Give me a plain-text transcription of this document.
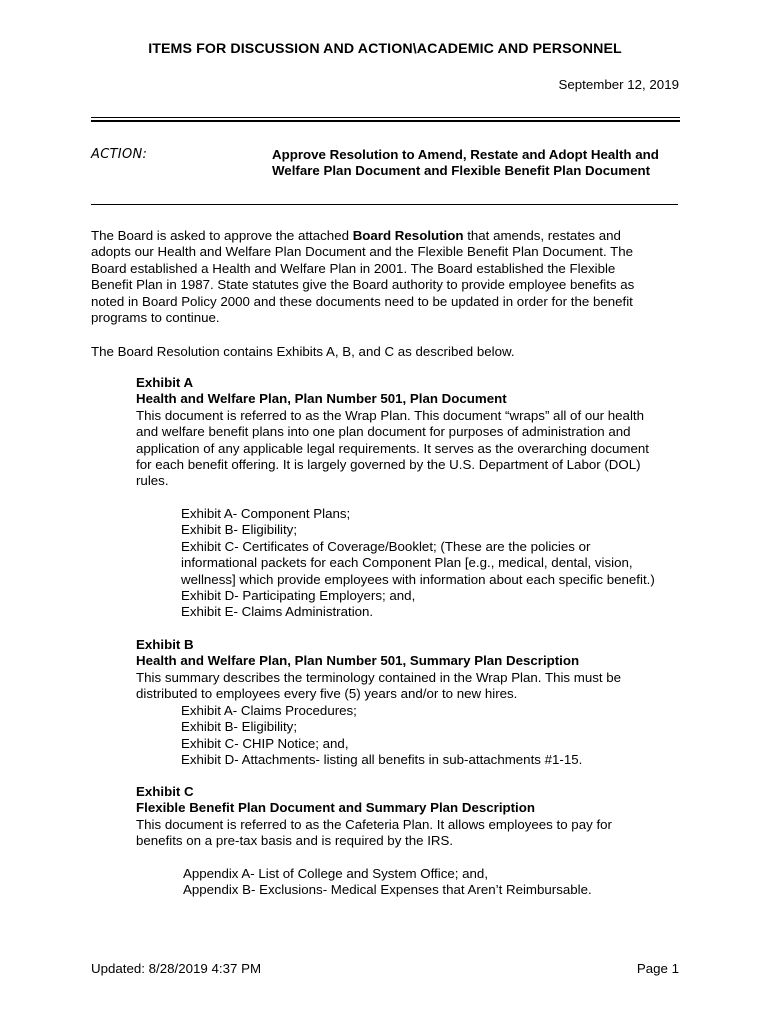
ITEMS FOR DISCUSSION AND ACTION\ACADEMIC AND PERSONNEL
September 12, 2019
ACTION:	Approve Resolution to Amend, Restate and Adopt Health and
Welfare Plan Document and Flexible Benefit Plan Document
The Board is asked to approve the attached Board Resolution that amends, restates and
adopts our Health and Welfare Plan Document and the Flexible Benefit Plan Document. The
Board established a Health and Welfare Plan in 2001. The Board established the Flexible
Benefit Plan in 1987. State statutes give the Board authority to provide employee benefits as
noted in Board Policy 2000 and these documents need to be updated in order for the benefit
programs to continue.
The Board Resolution contains Exhibits A, B, and C as described below.
Exhibit A
Health and Welfare Plan, Plan Number 501, Plan Document
This document is referred to as the Wrap Plan. This document “wraps” all of our health
and welfare benefit plans into one plan document for purposes of administration and
application of any applicable legal requirements. It serves as the overarching document
for each benefit offering. It is largely governed by the U.S. Department of Labor (DOL)
rules.
Exhibit A- Component Plans;
Exhibit B- Eligibility;
Exhibit C- Certificates of Coverage/Booklet; (These are the policies or
informational packets for each Component Plan [e.g., medical, dental, vision,
wellness] which provide employees with information about each specific benefit.)
Exhibit D- Participating Employers; and,
Exhibit E- Claims Administration.
Exhibit B
Health and Welfare Plan, Plan Number 501, Summary Plan Description
This summary describes the terminology contained in the Wrap Plan. This must be
distributed to employees every five (5) years and/or to new hires.
Exhibit A- Claims Procedures;
Exhibit B- Eligibility;
Exhibit C- CHIP Notice; and,
Exhibit D- Attachments- listing all benefits in sub-attachments #1-15.
Exhibit C
Flexible Benefit Plan Document and Summary Plan Description
This document is referred to as the Cafeteria Plan. It allows employees to pay for
benefits on a pre-tax basis and is required by the IRS.
Appendix A- List of College and System Office; and,
Appendix B- Exclusions- Medical Expenses that Aren’t Reimbursable.
Updated: 8/28/2019 4:37 PM	Page 1
